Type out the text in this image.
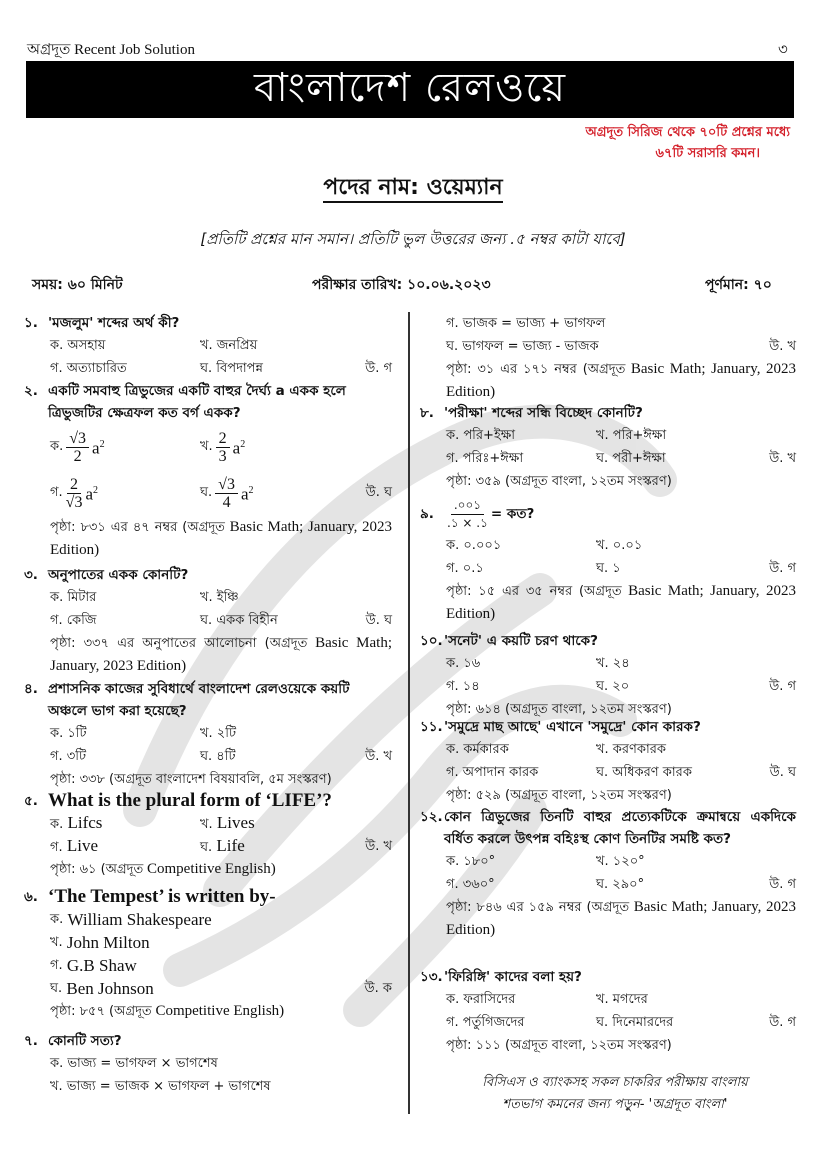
অগ্রদূত Recent Job Solution	৩
বাংলাদেশ রেলওয়ে
অগ্রদূত সিরিজ থেকে ৭০টি প্রশ্নের মধ্যে
৬৭টি সরাসরি কমন।
পদের নাম: ওয়েম্যান
[প্রতিটি প্রশ্নের মান সমান। প্রতিটি ভুল উত্তরের জন্য .৫ নম্বর কাটা যাবে]
সময়: ৬০ মিনিট	পরীক্ষার তারিখ: ১০.০৬.২০২৩	পূর্ণমান: ৭০
১. 'মজলুম' শব্দের অর্থ কী?
ক. অসহায়	খ. জনপ্রিয়
গ. অত্যাচারিত	ঘ. বিপদাপন্ন	উ. গ
২. একটি সমবাহু ত্রিভুজের একটি বাহুর দৈর্ঘ্য a একক হলে ত্রিভুজটির ক্ষেত্রফল কত বর্গ একক?
ক. $\frac{√3}{2} a^2$	খ. $\frac{2}{3} a^2$
গ. $\frac{2}{√3} a^2$	ঘ. $\frac{√3}{4} a^2$	উ. ঘ
পৃষ্ঠা: ৮৩১ এর ৪৭ নম্বর (অগ্রদূত Basic Math; January, 2023 Edition)
৩. অনুপাতের একক কোনটি?
ক. মিটার	খ. ইঞ্চি
গ. কেজি	ঘ. একক বিহীন	উ. ঘ
পৃষ্ঠা: ৩৩৭ এর অনুপাতের আলোচনা (অগ্রদূত Basic Math; January, 2023 Edition)
৪. প্রশাসনিক কাজের সুবিধার্থে বাংলাদেশ রেলওয়েকে কয়টি অঞ্চলে ভাগ করা হয়েছে?
ক. ১টি	খ. ২টি
গ. ৩টি	ঘ. ৪টি	উ. খ
পৃষ্ঠা: ৩৩৮ (অগ্রদূত বাংলাদেশ বিষয়াবলি, ৫ম সংস্করণ)
৫. What is the plural form of ‘LIFE’?
ক. Lifcs	খ. Lives
গ. Live	ঘ. Life	উ. খ
পৃষ্ঠা: ৬১ (অগ্রদূত Competitive English)
৬. ‘The Tempest’ is written by-
ক.
William Shakespeare
খ.
John Milton
গ.
G.B Shaw
ঘ.
Ben Johnson	উ. ক
পৃষ্ঠা: ৮৫৭ (অগ্রদূত Competitive English)
৭. কোনটি সত্য?
ক. ভাজ্য = ভাগফল × ভাগশেষ
খ. ভাজ্য = ভাজক × ভাগফল + ভাগশেষ
গ. ভাজক = ভাজ্য + ভাগফল
ঘ. ভাগফল = ভাজ্য - ভাজক	উ. খ
পৃষ্ঠা: ৩১ এর ১৭১ নম্বর (অগ্রদূত Basic Math; January, 2023 Edition)
৮. 'পরীক্ষা' শব্দের সন্ধি বিচ্ছেদ কোনটি?
ক. পরি+ইক্ষা	খ. পরি+ঈক্ষা
গ. পরিঃ+ঈক্ষা	ঘ. পরী+ঈক্ষা	উ. খ
পৃষ্ঠা: ৩৫৯ (অগ্রদূত বাংলা, ১২তম সংস্করণ)
৯.	$\frac{.০০১}{.১ \times .১}$ = কত?
ক. ০.০০১	খ. ০.০১
গ. ০.১	ঘ. ১	উ. গ
পৃষ্ঠা: ১৫ এর ৩৫ নম্বর (অগ্রদূত Basic Math; January, 2023 Edition)
১০. 'সনেট' এ কয়টি চরণ থাকে?
ক. ১৬	খ. ২৪
গ. ১৪	ঘ. ২০	উ. গ
পৃষ্ঠা: ৬১৪ (অগ্রদূত বাংলা, ১২তম সংস্করণ)
১১. 'সমুদ্রে মাছ আছে' এখানে 'সমুদ্রে' কোন কারক?
ক. কর্মকারক	খ. করণকারক
গ. অপাদান কারক	ঘ. অধিকরণ কারক	উ. ঘ
পৃষ্ঠা: ৫২৯ (অগ্রদূত বাংলা, ১২তম সংস্করণ)
১২. কোন ত্রিভুজের তিনটি বাহুর প্রত্যেকটিকে ক্রমান্বয়ে একদিকে বর্ধিত করলে উৎপন্ন বহিঃস্থ কোণ তিনটির সমষ্টি কত?
ক. ১৮০°	খ. ১২০°
গ. ৩৬০°	ঘ. ২৯০°	উ. গ
পৃষ্ঠা: ৮৪৬ এর ১৫৯ নম্বর (অগ্রদূত Basic Math; January, 2023 Edition)
১৩. 'ফিরিঙ্গি' কাদের বলা হয়?
ক. ফরাসিদের	খ. মগদের
গ. পর্তুগিজদের	ঘ. দিনেমারদের	উ. গ
পৃষ্ঠা: ১১১ (অগ্রদূত বাংলা, ১২তম সংস্করণ)
বিসিএস ও ব্যাংকসহ সকল চাকরির পরীক্ষায় বাংলায়
শতভাগ কমনের জন্য পড়ুন- 'অগ্রদূত বাংলা'
